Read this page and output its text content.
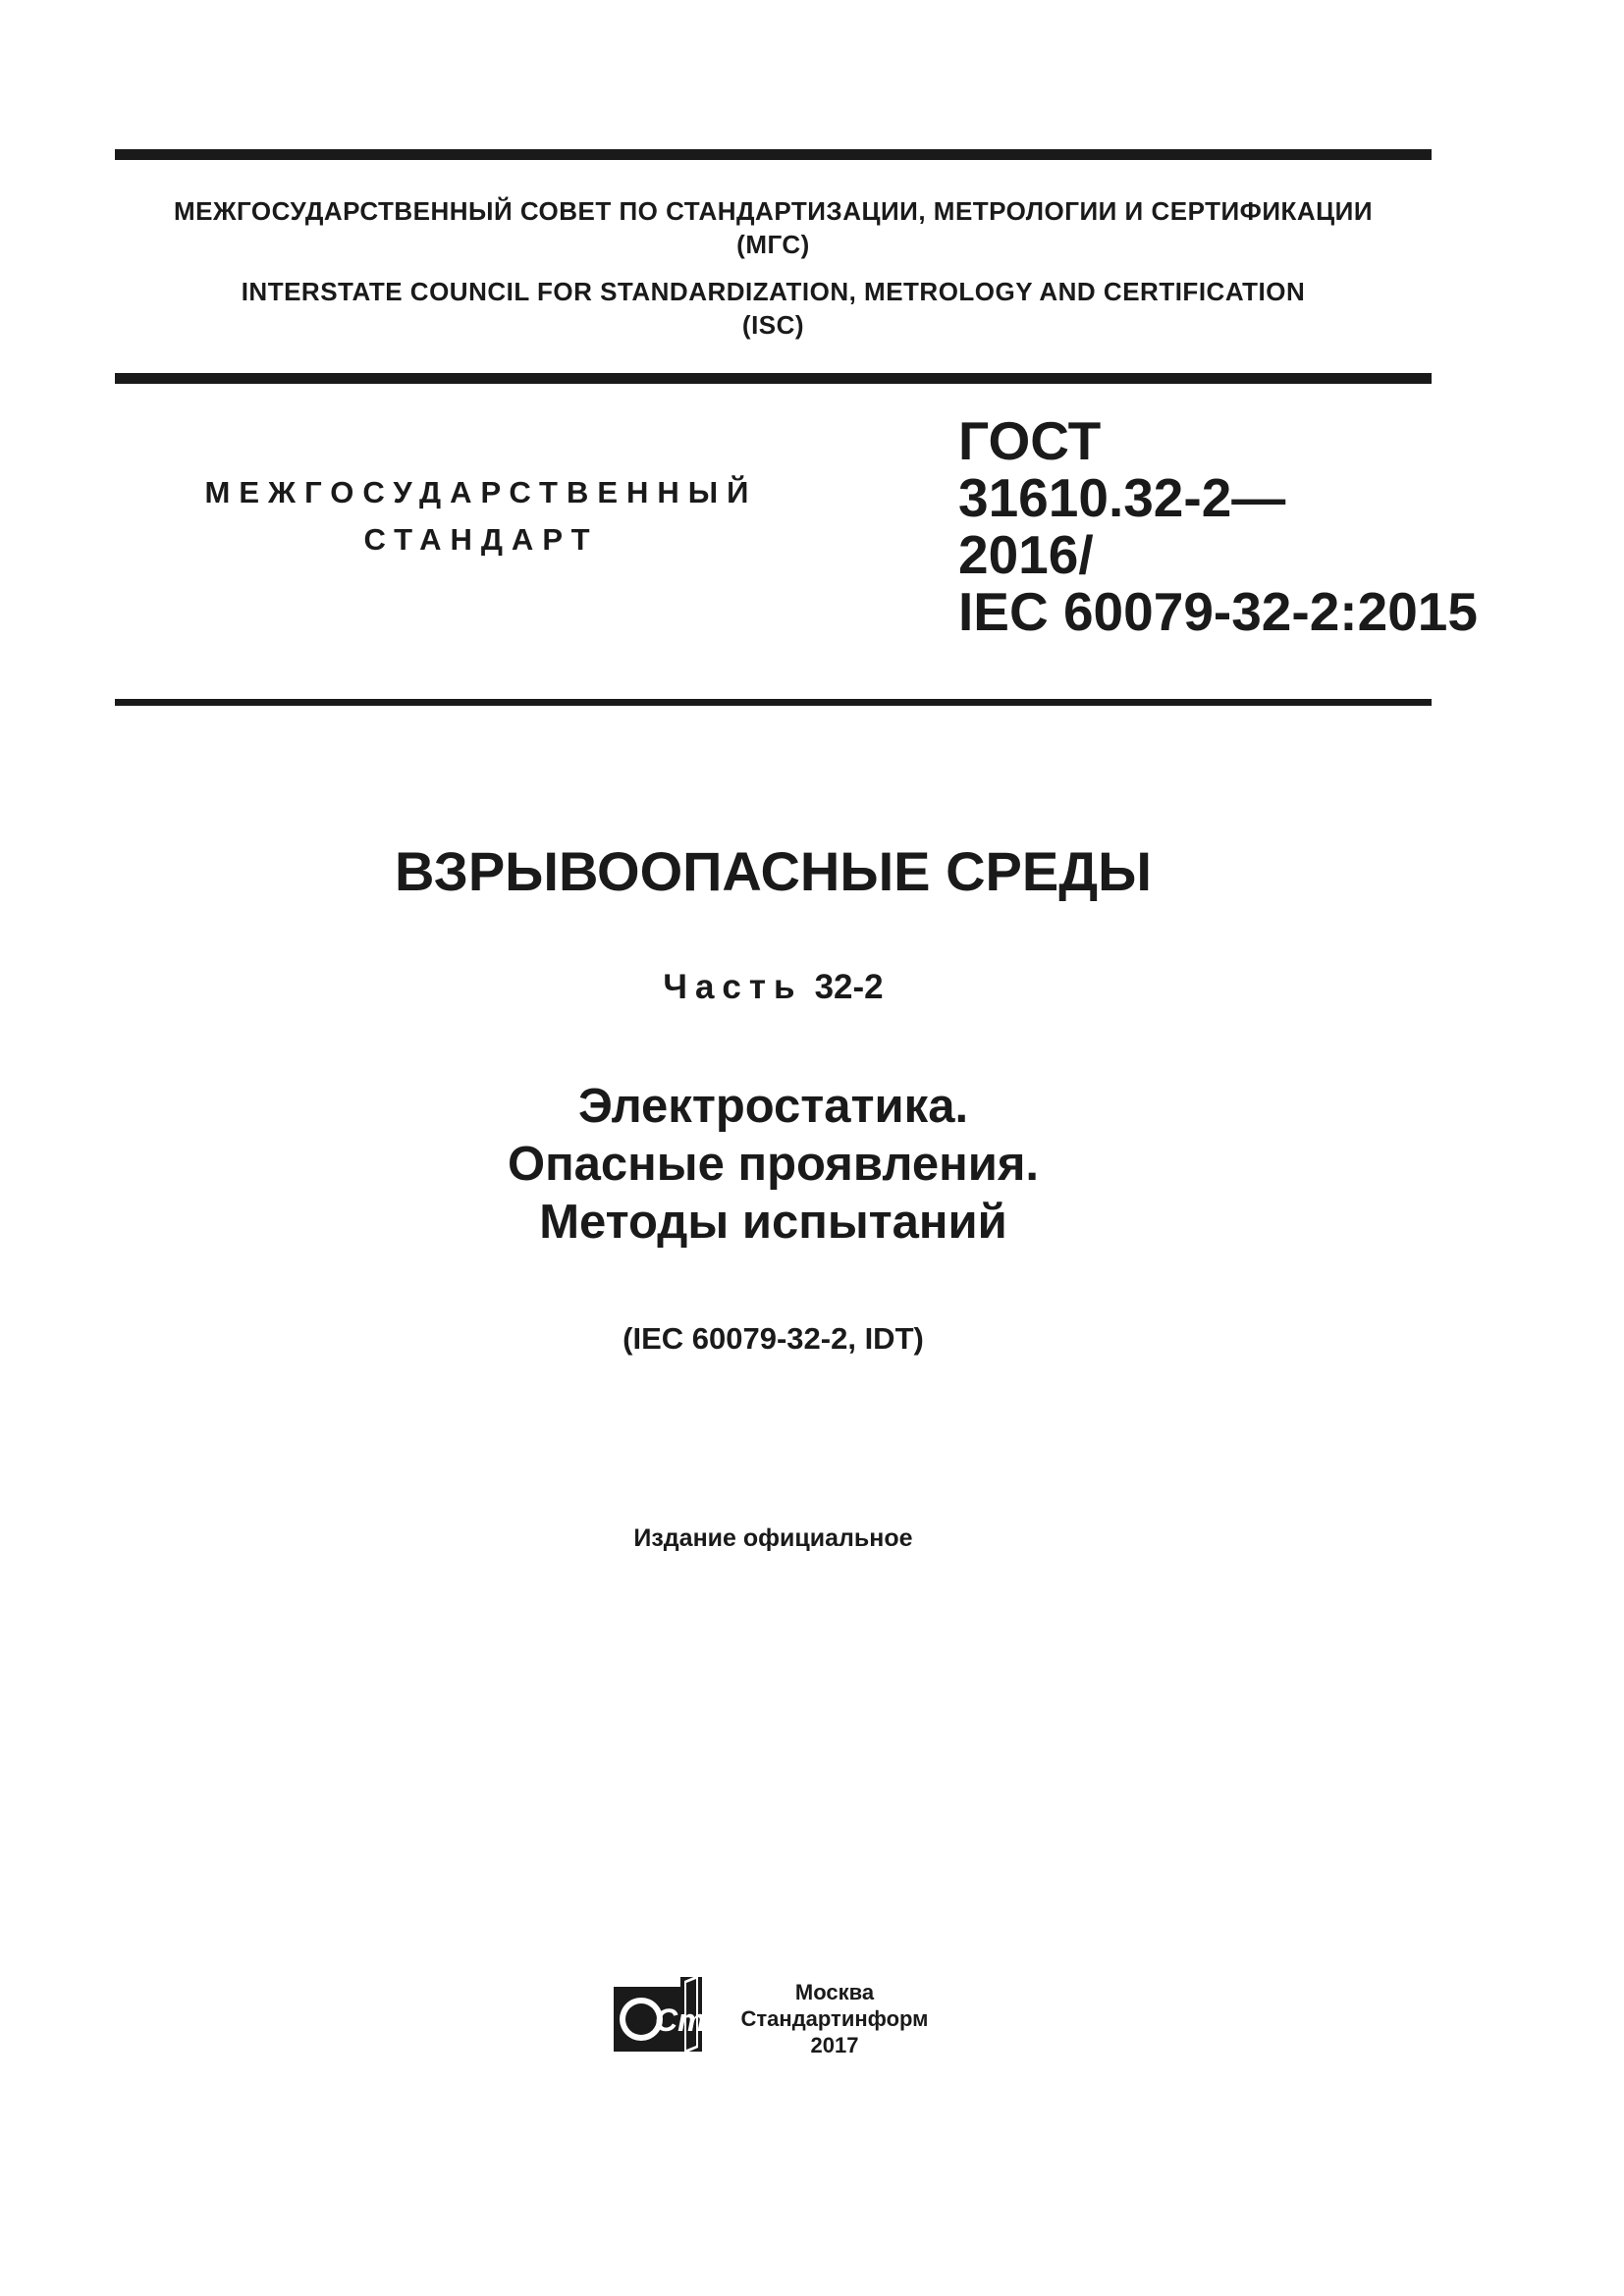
МЕЖГОСУДАРСТВЕННЫЙ СОВЕТ ПО СТАНДАРТИЗАЦИИ, МЕТРОЛОГИИ И СЕРТИФИКАЦИИ
(МГС)
INTERSTATE COUNCIL FOR STANDARDIZATION, METROLOGY AND CERTIFICATION
(ISC)
МЕЖГОСУДАРСТВЕННЫЙ
СТАНДАРТ
ГОСТ
31610.32-2—
2016/
IEC 60079-32-2:2015
ВЗРЫВООПАСНЫЕ СРЕДЫ
Часть 32-2
Электростатика.
Опасные проявления.
Методы испытаний
(IEC 60079-32-2, IDT)
Издание официальное
СтИ
Москва
Стандартинформ
2017
